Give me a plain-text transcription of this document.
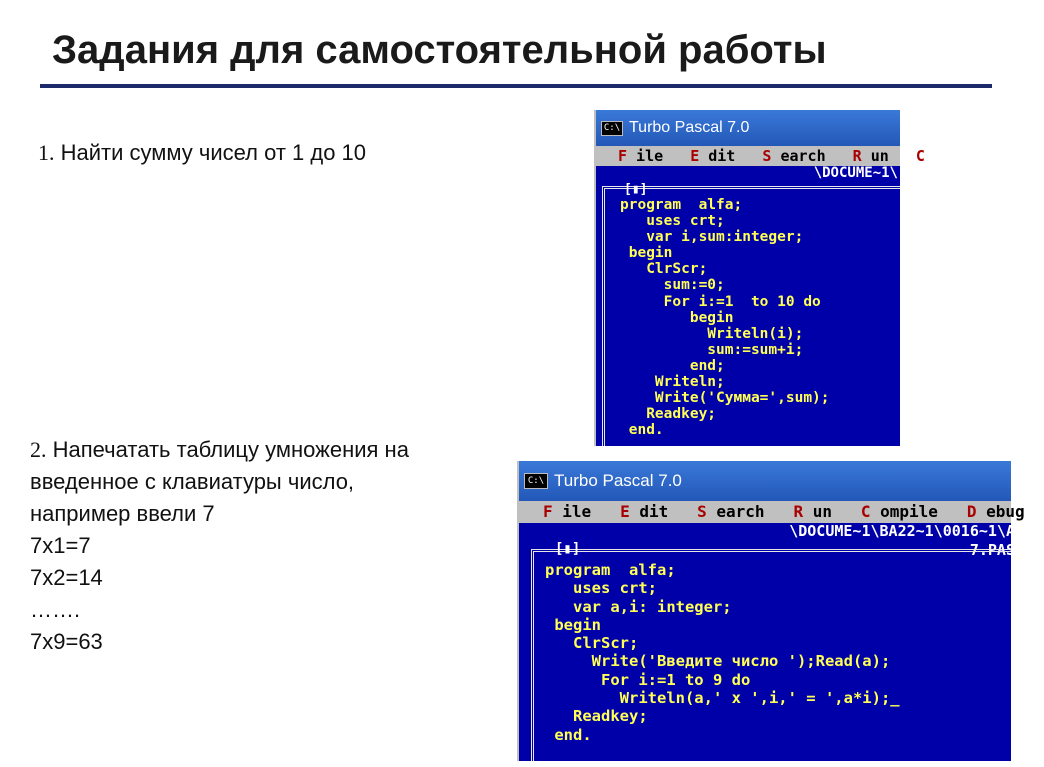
Задания для самостоятельной работы
1. Найти сумму чисел от 1 до 10
2. Напечатать таблицу умножения на
введенное с клавиатуры число,
например ввели 7
7х1=7
7х2=14
…….
7х9=63
C:\ Turbo Pascal 7.0
F ile E dit S earch R un C
\DOCUME~1\
[▮]
program  alfa;
uses crt;
var i,sum:integer;
begin
ClrScr;
sum:=0;
For i:=1  to 10 do
begin
Writeln(i);
sum:=sum+i;
end;
Writeln;
Write('Сумма=',sum);
Readkey;
end.
C:\ Turbo Pascal 7.0
F ile E dit S earch R un C ompile D ebug
\DOCUME~1\BA22~1\0016~1\A
7.PAS
[▮]
program  alfa;
uses crt;
var a,i: integer;
begin
ClrScr;
Write('Введите число ');Read(a);
For i:=1 to 9 do
Writeln(a,' x ',i,' = ',a*i);_
Readkey;
end.
